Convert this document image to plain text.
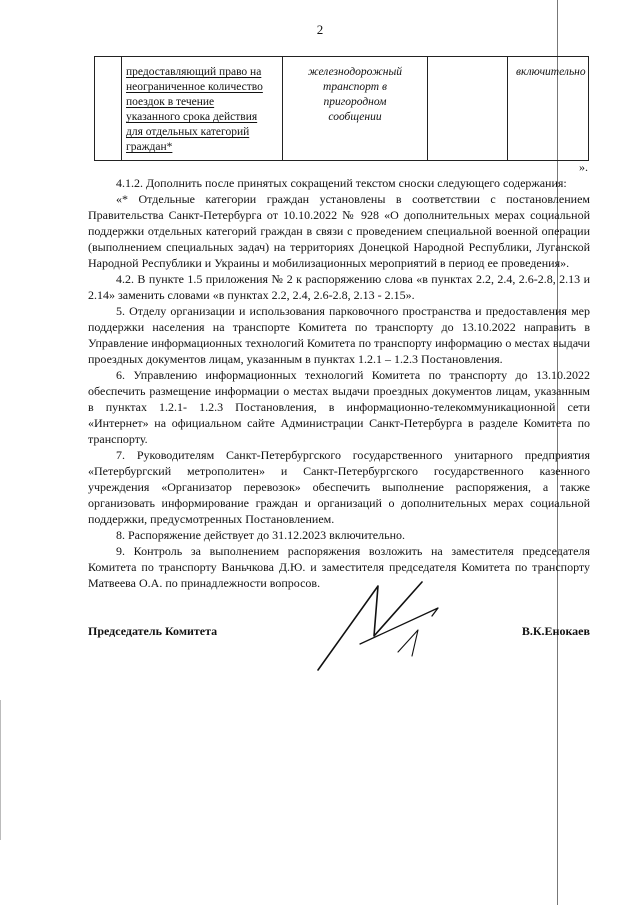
2

предоставляющий право на

неограниченное количество

поездок в течение

указанного срока действия

для отдельных категорий

граждан*

железнодорожный
транспорт в
пригородном
сообщении
включительно
».

4.1.2. Дополнить после принятых сокращений текстом сноски следующего содержания:

«* Отдельные категории граждан установлены в соответствии с постановлением Правительства Санкт-Петербурга от 10.10.2022 № 928 «О дополнительных мерах социальной поддержки отдельных категорий граждан в связи с проведением специальной военной операции (выполнением специальных задач) на территориях Донецкой Народной Республики, Луганской Народной Республики и Украины и мобилизационных мероприятий в период ее проведения».

4.2. В пункте 1.5 приложения № 2 к распоряжению слова «в пунктах 2.2, 2.4, 2.6-2.8, 2.13 и 2.14» заменить словами «в пунктах 2.2, 2.4, 2.6-2.8, 2.13 - 2.15».

5. Отделу организации и использования парковочного пространства и предоставления мер поддержки населения на транспорте Комитета по транспорту до 13.10.2022 направить в Управление информационных технологий Комитета по транспорту информацию о местах выдачи проездных документов лицам, указанным в пунктах 1.2.1 – 1.2.3 Постановления.

6. Управлению информационных технологий Комитета по транспорту до 13.10.2022 обеспечить размещение информации о местах выдачи проездных документов лицам, указанным в пунктах 1.2.1- 1.2.3 Постановления, в информационно-телекоммуникационной сети «Интернет» на официальном сайте Администрации Санкт-Петербурга в разделе Комитета по транспорту.

7. Руководителям Санкт-Петербургского государственного унитарного предприятия «Петербургский метрополитен» и Санкт-Петербургского государственного казенного учреждения «Организатор перевозок» обеспечить выполнение распоряжения, а также организовать информирование граждан и организаций о дополнительных мерах социальной поддержки, предусмотренных Постановлением.

8. Распоряжение действует до 31.12.2023 включительно.

9. Контроль за выполнением распоряжения возложить на заместителя председателя Комитета по транспорту Ваньчкова Д.Ю. и заместителя председателя Комитета по транспорту Матвеева О.А. по принадлежности вопросов.

Председатель Комитета	В.К.Енокаев
